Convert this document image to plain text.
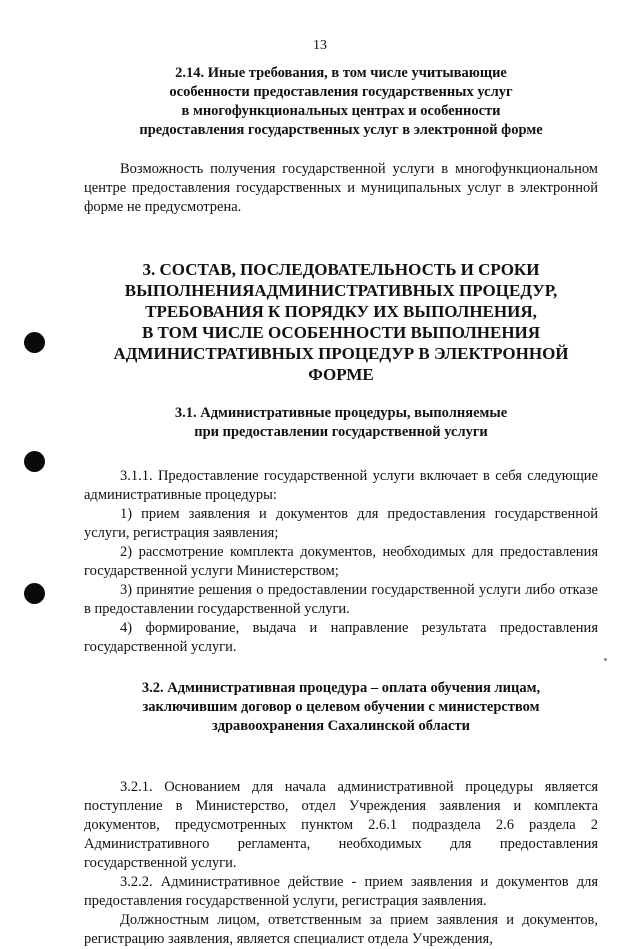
13

2.14. Иные требования, в том числе учитывающие

особенности предоставления государственных услуг

в многофункциональных центрах и особенности

предоставления государственных услуг в электронной форме

Возможность получения государственной услуги в многофункциональном центре предоставления государственных и муниципальных услуг в электронной форме не предусмотрена.

3. СОСТАВ, ПОСЛЕДОВАТЕЛЬНОСТЬ И СРОКИ

ВЫПОЛНЕНИЯАДМИНИСТРАТИВНЫХ ПРОЦЕДУР,

ТРЕБОВАНИЯ К ПОРЯДКУ ИХ ВЫПОЛНЕНИЯ,

В ТОМ ЧИСЛЕ ОСОБЕННОСТИ ВЫПОЛНЕНИЯ

АДМИНИСТРАТИВНЫХ ПРОЦЕДУР В ЭЛЕКТРОННОЙ ФОРМЕ

3.1. Административные процедуры, выполняемые

при предоставлении государственной услуги

3.1.1. Предоставление государственной услуги включает в себя следующие административные процедуры:

1) прием заявления и документов для предоставления государственной услуги, регистрация заявления;

2) рассмотрение комплекта документов, необходимых для предоставления государственной услуги Министерством;

3) принятие решения о предоставлении государственной услуги либо отказе в предоставлении государственной услуги.

4) формирование, выдача и направление результата предоставления государственной услуги.

3.2. Административная процедура – оплата обучения лицам,

заключившим договор о целевом обучении с министерством

здравоохранения Сахалинской области

3.2.1. Основанием для начала административной процедуры является поступление в Министерство, отдел Учреждения заявления и комплекта документов, предусмотренных пунктом 2.6.1 подраздела 2.6 раздела 2 Административного регламента, необходимых для предоставления государственной услуги.

3.2.2. Административное действие - прием заявления и документов для предоставления государственной услуги, регистрация заявления.

Должностным лицом, ответственным за прием заявления и документов, регистрацию заявления, является специалист отдела Учреждения,
